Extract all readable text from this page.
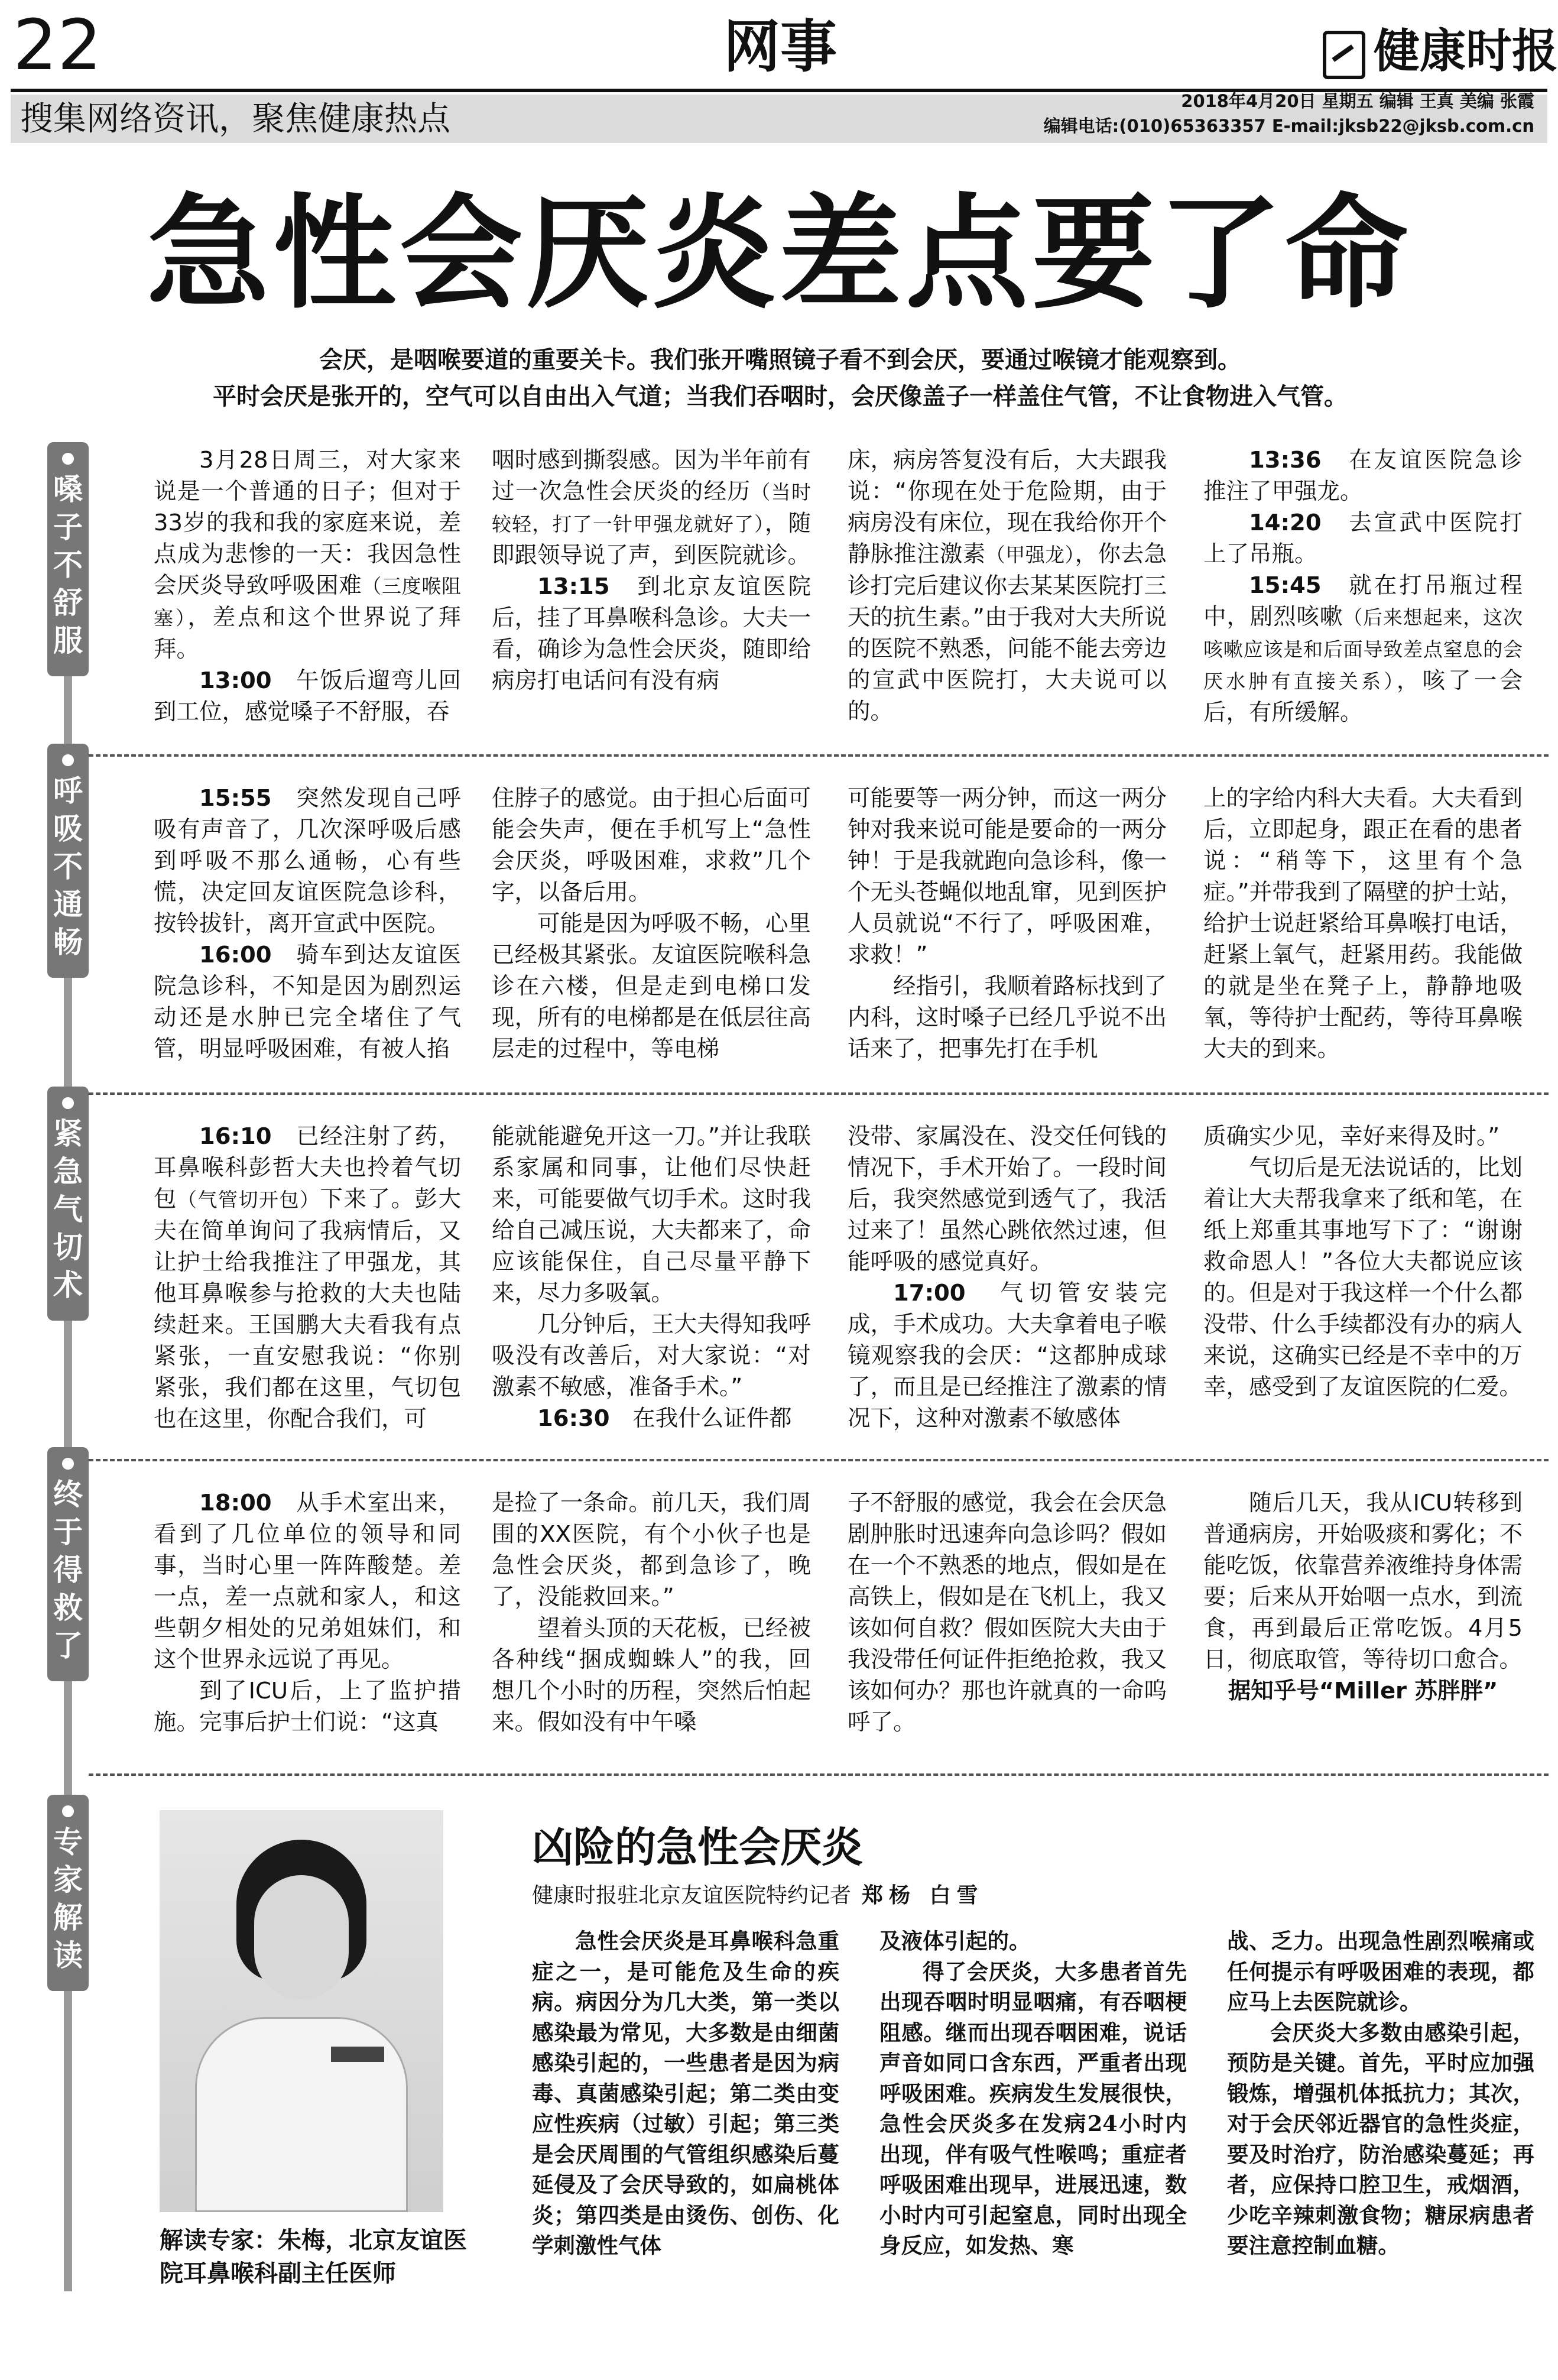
22	网事	健康时报
搜集网络资讯，聚焦健康热点	2018年4月20日 星期五 编辑 王真 美编 张霞
编辑电话:(010)65363357 E-mail:jksb22@jksb.com.cn
急性会厌炎差点要了命
会厌，是咽喉要道的重要关卡。我们张开嘴照镜子看不到会厌，要通过喉镜才能观察到。
平时会厌是张开的，空气可以自由出入气道；当我们吞咽时，会厌像盖子一样盖住气管，不让食物进入气管。
嗓子不舒服
呼吸不通畅
紧急气切术
终于得救了
专家解读

3月28日周三，对大家来说是一个普通的日子；但对于33岁的我和我的家庭来说，差点成为悲惨的一天：我因急性会厌炎导致呼吸困难（三度喉阻塞），差点和这个世界说了拜拜。

13:00　 午饭后遛弯儿回到工位，感觉嗓子不舒服，吞

咽时感到撕裂感。因为半年前有过一次急性会厌炎的经历（当时较轻，打了一针甲强龙就好了），随即跟领导说了声，到医院就诊。

13:15　 到北京友谊医院后，挂了耳鼻喉科急诊。大夫一看，确诊为急性会厌炎，随即给病房打电话问有没有病

床，病房答复没有后，大夫跟我说：“你现在处于危险期，由于病房没有床位，现在我给你开个静脉推注激素（甲强龙），你去急诊打完后建议你去某某医院打三天的抗生素。”由于我对大夫所说的医院不熟悉，问能不能去旁边的宣武中医院打，大夫说可以的。

13:36　 在友谊医院急诊推注了甲强龙。

14:20　 去宣武中医院打上了吊瓶。

15:45　 就在打吊瓶过程中，剧烈咳嗽（后来想起来，这次咳嗽应该是和后面导致差点窒息的会厌水肿有直接关系），咳了一会后，有所缓解。

15:55　 突然发现自己呼吸有声音了，几次深呼吸后感到呼吸不那么通畅，心有些慌，决定回友谊医院急诊科，按铃拔针，离开宣武中医院。

16:00　 骑车到达友谊医院急诊科，不知是因为剧烈运动还是水肿已完全堵住了气管，明显呼吸困难，有被人掐

住脖子的感觉。由于担心后面可能会失声，便在手机写上“急性会厌炎，呼吸困难，求救”几个字，以备后用。

可能是因为呼吸不畅，心里已经极其紧张。友谊医院喉科急诊在六楼，但是走到电梯口发现，所有的电梯都是在低层往高层走的过程中，等电梯

可能要等一两分钟，而这一两分钟对我来说可能是要命的一两分钟！于是我就跑向急诊科，像一个无头苍蝇似地乱窜，见到医护人员就说“不行了，呼吸困难，求救！”

经指引，我顺着路标找到了内科，这时嗓子已经几乎说不出话来了，把事先打在手机

上的字给内科大夫看。大夫看到后，立即起身，跟正在看的患者说：“稍等下，这里有个急症。”并带我到了隔壁的护士站，给护士说赶紧给耳鼻喉打电话，赶紧上氧气，赶紧用药。我能做的就是坐在凳子上，静静地吸氧，等待护士配药，等待耳鼻喉大夫的到来。

16:10　 已经注射了药，耳鼻喉科彭哲大夫也拎着气切包（气管切开包）下来了。彭大夫在简单询问了我病情后，又让护士给我推注了甲强龙，其他耳鼻喉参与抢救的大夫也陆续赶来。王国鹏大夫看我有点紧张，一直安慰我说：“你别紧张，我们都在这里，气切包也在这里，你配合我们，可

能就能避免开这一刀。”并让我联系家属和同事，让他们尽快赶来，可能要做气切手术。这时我给自己减压说，大夫都来了，命应该能保住，自己尽量平静下来，尽力多吸氧。

几分钟后，王大夫得知我呼吸没有改善后，对大家说：“对激素不敏感，准备手术。”

16:30　 在我什么证件都

没带、家属没在、没交任何钱的情况下，手术开始了。一段时间后，我突然感觉到透气了，我活过来了！虽然心跳依然过速，但能呼吸的感觉真好。

17:00　 气切管安装完成，手术成功。大夫拿着电子喉镜观察我的会厌：“这都肿成球了，而且是已经推注了激素的情况下，这种对激素不敏感体

质确实少见，幸好来得及时。”

气切后是无法说话的，比划着让大夫帮我拿来了纸和笔，在纸上郑重其事地写下了：“谢谢救命恩人！”各位大夫都说应该的。但是对于我这样一个什么都没带、什么手续都没有办的病人来说，这确实已经是不幸中的万幸，感受到了友谊医院的仁爱。

18:00　 从手术室出来，看到了几位单位的领导和同事，当时心里一阵阵酸楚。差一点，差一点就和家人，和这些朝夕相处的兄弟姐妹们，和这个世界永远说了再见。

到了ICU后，上了监护措施。完事后护士们说：“这真

是捡了一条命。前几天，我们周围的XX医院，有个小伙子也是急性会厌炎，都到急诊了，晚了，没能救回来。”

望着头顶的天花板，已经被各种线“捆成蜘蛛人”的我，回想几个小时的历程，突然后怕起来。假如没有中午嗓

子不舒服的感觉，我会在会厌急剧肿胀时迅速奔向急诊吗？假如在一个不熟悉的地点，假如是在高铁上，假如是在飞机上，我又该如何自救？假如医院大夫由于我没带任何证件拒绝抢救，我又该如何办？那也许就真的一命呜呼了。

随后几天，我从ICU转移到普通病房，开始吸痰和雾化；不能吃饭，依靠营养液维持身体需要；后来从开始咽一点水，到流食，再到最后正常吃饭。4月5日，彻底取管，等待切口愈合。

据知乎号“Miller 苏胖胖”

解读专家：朱梅，北京友谊医院耳鼻喉科副主任医师
凶险的急性会厌炎
健康时报驻北京友谊医院特约记者 郑杨 白雪

急性会厌炎是耳鼻喉科急重症之一，是可能危及生命的疾病。病因分为几大类，第一类以感染最为常见，大多数是由细菌感染引起的，一些患者是因为病毒、真菌感染引起；第二类由变应性疾病（过敏）引起；第三类是会厌周围的气管组织感染后蔓延侵及了会厌导致的，如扁桃体炎；第四类是由烫伤、创伤、化学刺激性气体

及液体引起的。

得了会厌炎，大多患者首先出现吞咽时明显咽痛，有吞咽梗阻感。继而出现吞咽困难，说话声音如同口含东西，严重者出现呼吸困难。疾病发生发展很快，急性会厌炎多在发病24小时内出现，伴有吸气性喉鸣；重症者呼吸困难出现早，进展迅速，数小时内可引起窒息，同时出现全身反应，如发热、寒

战、乏力。出现急性剧烈喉痛或任何提示有呼吸困难的表现，都应马上去医院就诊。

会厌炎大多数由感染引起，预防是关键。首先，平时应加强锻炼，增强机体抵抗力；其次，对于会厌邻近器官的急性炎症，要及时治疗，防治感染蔓延；再者，应保持口腔卫生，戒烟酒，少吃辛辣刺激食物；糖尿病患者要注意控制血糖。
